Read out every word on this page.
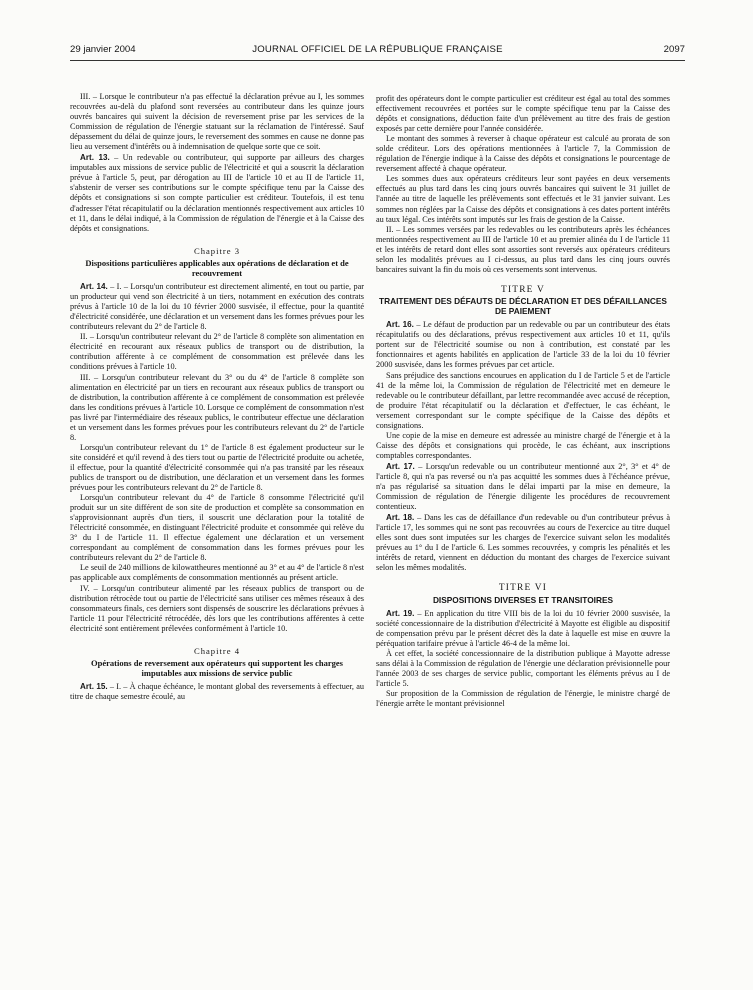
29 janvier 2004	JOURNAL OFFICIEL DE LA RÉPUBLIQUE FRANÇAISE	2097

III. – Lorsque le contributeur n'a pas effectué la déclaration prévue au I, les sommes recouvrées au-delà du plafond sont reversées au contributeur dans les quinze jours ouvrés bancaires qui suivent la décision de reversement prise par les services de la Commission de régulation de l'énergie statuant sur la réclamation de l'intéressé. Sauf dépassement du délai de quinze jours, le reversement des sommes en cause ne donne pas lieu au versement d'intérêts ou à indemnisation de quelque sorte que ce soit.

Art. 13. – Un redevable ou contributeur, qui supporte par ailleurs des charges imputables aux missions de service public de l'électricité et qui a souscrit la déclaration prévue à l'article 5, peut, par dérogation au III de l'article 10 et au II de l'article 11, s'abstenir de verser ses contributions sur le compte spécifique tenu par la Caisse des dépôts et consignations si son compte particulier est créditeur. Toutefois, il est tenu d'adresser l'état récapitulatif ou la déclaration mentionnés respectivement aux articles 10 et 11, dans le délai indiqué, à la Commission de régulation de l'énergie et à la Caisse des dépôts et consignations.

Chapitre 3
Dispositions particulières applicables aux opérations de déclaration et de recouvrement

Art. 14. – I. – Lorsqu'un contributeur est directement alimenté, en tout ou partie, par un producteur qui vend son électricité à un tiers, notamment en exécution des contrats prévus à l'article 10 de la loi du 10 février 2000 susvisée, il effectue, pour la quantité d'électricité considérée, une déclaration et un versement dans les formes prévues pour les contributeurs relevant du 2° de l'article 8.

II. – Lorsqu'un contributeur relevant du 2° de l'article 8 complète son alimentation en électricité en recourant aux réseaux publics de transport ou de distribution, la contribution afférente à ce complément de consommation est prélevée dans les conditions prévues à l'article 10.

III. – Lorsqu'un contributeur relevant du 3° ou du 4° de l'article 8 complète son alimentation en électricité par un tiers en recourant aux réseaux publics de transport ou de distribution, la contribution afférente à ce complément de consommation est prélevée dans les conditions prévues à l'article 10. Lorsque ce complément de consommation n'est pas livré par l'intermédiaire des réseaux publics, le contributeur effectue une déclaration et un versement dans les formes prévues pour les contributeurs relevant du 2° de l'article 8.

Lorsqu'un contributeur relevant du 1° de l'article 8 est également producteur sur le site considéré et qu'il revend à des tiers tout ou partie de l'électricité produite ou achetée, il effectue, pour la quantité d'électricité consommée qui n'a pas transité par les réseaux publics de transport ou de distribution, une déclaration et un versement dans les formes prévues pour les contributeurs relevant du 2° de l'article 8.

Lorsqu'un contributeur relevant du 4° de l'article 8 consomme l'électricité qu'il produit sur un site différent de son site de production et complète sa consommation en s'approvisionnant auprès d'un tiers, il souscrit une déclaration pour la totalité de l'électricité consommée, en distinguant l'électricité produite et consommée qui relève du 3° du I de l'article 11. Il effectue également une déclaration et un versement correspondant au complément de consommation dans les formes prévues pour les contributeurs relevant du 2° de l'article 8.

Le seuil de 240 millions de kilowattheures mentionné au 3° et au 4° de l'article 8 n'est pas applicable aux compléments de consommation mentionnés au présent article.

IV. – Lorsqu'un contributeur alimenté par les réseaux publics de transport ou de distribution rétrocède tout ou partie de l'électricité sans utiliser ces mêmes réseaux à des consommateurs finals, ces derniers sont dispensés de souscrire les déclarations prévues à l'article 11 pour l'électricité rétrocédée, dès lors que les contributions afférentes à cette électricité sont entièrement prélevées conformément à l'article 10.

Chapitre 4
Opérations de reversement aux opérateurs qui supportent les charges imputables aux missions de service public

Art. 15. – I. – À chaque échéance, le montant global des reversements à effectuer, au titre de chaque semestre écoulé, au

profit des opérateurs dont le compte particulier est créditeur est égal au total des sommes effectivement recouvrées et portées sur le compte spécifique tenu par la Caisse des dépôts et consignations, déduction faite d'un prélèvement au titre des frais de gestion exposés par cette dernière pour l'année considérée.

Le montant des sommes à reverser à chaque opérateur est calculé au prorata de son solde créditeur. Lors des opérations mentionnées à l'article 7, la Commission de régulation de l'énergie indique à la Caisse des dépôts et consignations le pourcentage de reversement affecté à chaque opérateur.

Les sommes dues aux opérateurs créditeurs leur sont payées en deux versements effectués au plus tard dans les cinq jours ouvrés bancaires qui suivent le 31 juillet de l'année au titre de laquelle les prélèvements sont effectués et le 31 janvier suivant. Les sommes non réglées par la Caisse des dépôts et consignations à ces dates portent intérêts au taux légal. Ces intérêts sont imputés sur les frais de gestion de la Caisse.

II. – Les sommes versées par les redevables ou les contributeurs après les échéances mentionnées respectivement au III de l'article 10 et au premier alinéa du I de l'article 11 et les intérêts de retard dont elles sont assorties sont reversés aux opérateurs créditeurs selon les modalités prévues au I ci-dessus, au plus tard dans les cinq jours ouvrés bancaires suivant la fin du mois où ces versements sont intervenus.

TITRE V
TRAITEMENT DES DÉFAUTS DE DÉCLARATION ET DES DÉFAILLANCES DE PAIEMENT

Art. 16. – Le défaut de production par un redevable ou par un contributeur des états récapitulatifs ou des déclarations, prévus respectivement aux articles 10 et 11, qu'ils portent sur de l'électricité soumise ou non à contribution, est constaté par les fonctionnaires et agents habilités en application de l'article 33 de la loi du 10 février 2000 susvisée, dans les formes prévues par cet article.

Sans préjudice des sanctions encourues en application du I de l'article 5 et de l'article 41 de la même loi, la Commission de régulation de l'électricité met en demeure le redevable ou le contributeur défaillant, par lettre recommandée avec accusé de réception, de produire l'état récapitulatif ou la déclaration et d'effectuer, le cas échéant, le versement correspondant sur le compte spécifique de la Caisse des dépôts et consignations.

Une copie de la mise en demeure est adressée au ministre chargé de l'énergie et à la Caisse des dépôts et consignations qui procède, le cas échéant, aux inscriptions comptables correspondantes.

Art. 17. – Lorsqu'un redevable ou un contributeur mentionné aux 2°, 3° et 4° de l'article 8, qui n'a pas reversé ou n'a pas acquitté les sommes dues à l'échéance prévue, n'a pas régularisé sa situation dans le délai imparti par la mise en demeure, la Commission de régulation de l'énergie diligente les procédures de recouvrement contentieux.

Art. 18. – Dans les cas de défaillance d'un redevable ou d'un contributeur prévus à l'article 17, les sommes qui ne sont pas recouvrées au cours de l'exercice au titre duquel elles sont dues sont imputées sur les charges de l'exercice suivant selon les modalités prévues au 1° du I de l'article 6. Les sommes recouvrées, y compris les pénalités et les intérêts de retard, viennent en déduction du montant des charges de l'exercice suivant selon les mêmes modalités.

TITRE VI
DISPOSITIONS DIVERSES ET TRANSITOIRES

Art. 19. – En application du titre VIII bis de la loi du 10 février 2000 susvisée, la société concessionnaire de la distribution d'électricité à Mayotte est éligible au dispositif de compensation prévu par le présent décret dès la date à laquelle est mise en œuvre la péréquation tarifaire prévue à l'article 46-4 de la même loi.

À cet effet, la société concessionnaire de la distribution publique à Mayotte adresse sans délai à la Commission de régulation de l'énergie une déclaration prévisionnelle pour l'année 2003 de ses charges de service public, comportant les éléments prévus au I de l'article 5.

Sur proposition de la Commission de régulation de l'énergie, le ministre chargé de l'énergie arrête le montant prévisionnel
